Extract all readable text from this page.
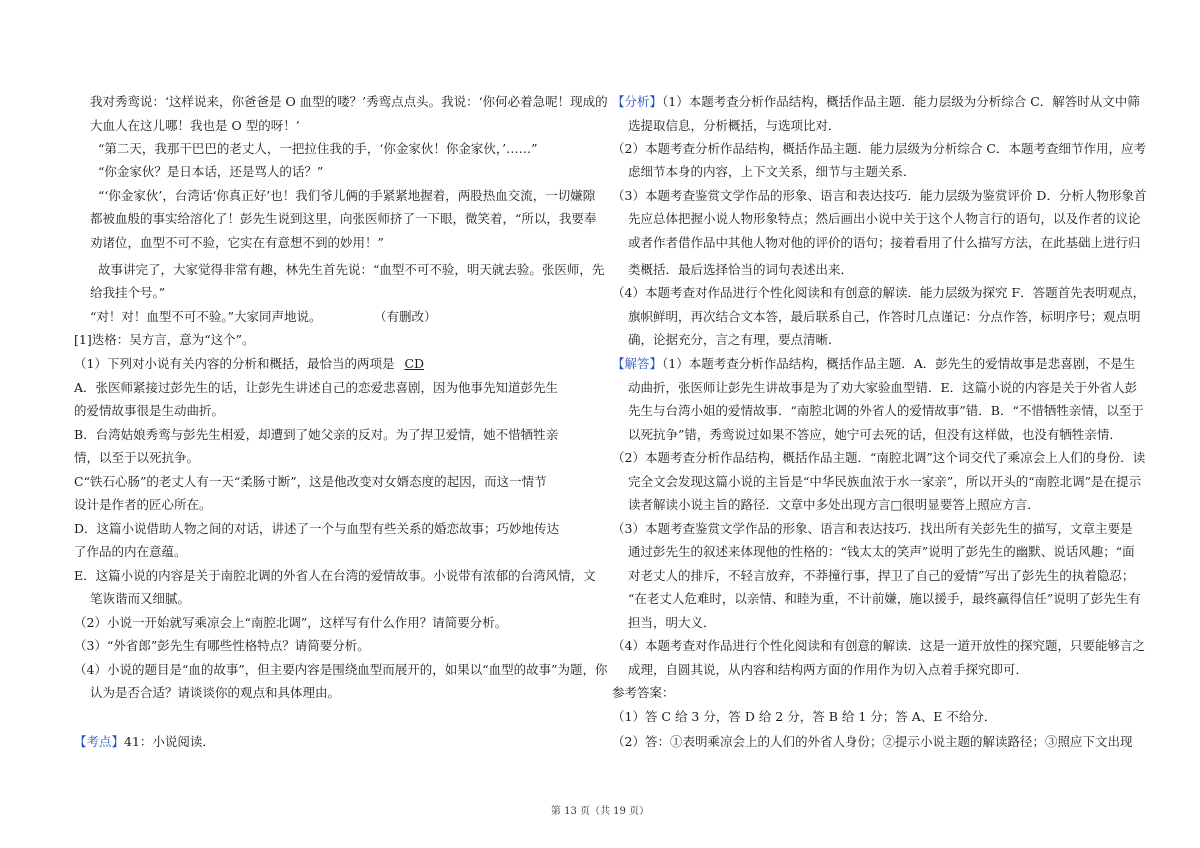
我对秀鸾说：‘这样说来，你爸爸是 O 血型的喽？’秀鸾点点头。我说：‘你何必着急呢！现成的
大血人在这儿哪！我也是 O 型的呀！’
“第二天，我那干巴巴的老丈人，一把拉住我的手，‘你金家伙！你金家伙，’……”
“你金家伙？是日本话，还是骂人的话？”
“‘你金家伙’，台湾话‘你真正好’也！我们爷儿俩的手紧紧地握着，两股热血交流，一切嫌隙
都被血般的事实给溶化了！彭先生说到这里，向张医师挤了一下眼，微笑着，“所以，我要奉
劝诸位，血型不可不验，它实在有意想不到的妙用！”
故事讲完了，大家觉得非常有趣，林先生首先说：“血型不可不验，明天就去验。张医师，先
给我挂个号。”
“对！对！血型不可不验。”大家同声地说。	（有删改）
[1]迭格：吴方言，意为“这个”。
（1）下列对小说有关内容的分析和概括，最恰当的两项是 CD
A．张医师紧接过彭先生的话，让彭先生讲述自己的恋爱悲喜剧，因为他事先知道彭先生
的爱情故事很是生动曲折。
B．台湾姑娘秀鸾与彭先生相爱，却遭到了她父亲的反对。为了捍卫爱情，她不惜牺牲亲
情，以至于以死抗争。
C“铁石心肠”的老丈人有一天“柔肠寸断”，这是他改变对女婿态度的起因，而这一情节
设计是作者的匠心所在。
D．这篇小说借助人物之间的对话，讲述了一个与血型有些关系的婚恋故事；巧妙地传达
了作品的内在意蕴。
E．这篇小说的内容是关于南腔北调的外省人在台湾的爱情故事。小说带有浓郁的台湾风情，文
笔诙谐而又细腻。
（2）小说一开始就写乘凉会上“南腔北调”，这样写有什么作用？请简要分析。
（3）“外省郎”彭先生有哪些性格特点？请简要分析。
（4）小说的题目是“血的故事”，但主要内容是围绕血型而展开的，如果以“血型的故事”为题，你
认为是否合适？请谈谈你的观点和具体理由。
【考点】41：小说阅读．
【分析】（1）本题考查分析作品结构，概括作品主题．能力层级为分析综合 C．解答时从文中筛
选提取信息，分析概括，与选项比对．
（2）本题考查分析作品结构，概括作品主题．能力层级为分析综合 C．本题考查细节作用，应考
虑细节本身的内容，上下文关系，细节与主题关系．
（3）本题考查鉴赏文学作品的形象、语言和表达技巧．能力层级为鉴赏评价 D．分析人物形象首
先应总体把握小说人物形象特点；然后画出小说中关于这个人物言行的语句，以及作者的议论
或者作者借作品中其他人物对他的评价的语句；接着看用了什么描写方法，在此基础上进行归
类概括．最后选择恰当的词句表述出来．
（4）本题考查对作品进行个性化阅读和有创意的解读．能力层级为探究 F．答题首先表明观点，
旗帜鲜明，再次结合文本答，最后联系自己，作答时几点谨记：分点作答，标明序号；观点明
确，论据充分，言之有理，要点清晰．
【解答】（1）本题考查分析作品结构，概括作品主题．A．彭先生的爱情故事是悲喜剧，不是生
动曲折，张医师让彭先生讲故事是为了劝大家验血型错．E．这篇小说的内容是关于外省人彭
先生与台湾小姐的爱情故事．“南腔北调的外省人的爱情故事”错．B．“不惜牺牲亲情，以至于
以死抗争”错，秀鸾说过如果不答应，她宁可去死的话，但没有这样做，也没有牺牲亲情．
（2）本题考查分析作品结构，概括作品主题．“南腔北调”这个词交代了乘凉会上人们的身份．读
完全文会发现这篇小说的主旨是“中华民族血浓于水一家亲”，所以开头的“南腔北调”是在提示
读者解读小说主旨的路径．文章中多处出现方言□很明显要答上照应方言．
（3）本题考查鉴赏文学作品的形象、语言和表达技巧．找出所有关彭先生的描写，文章主要是
通过彭先生的叙述来体现他的性格的：“钱太太的笑声”说明了彭先生的幽默、说话风趣；“面
对老丈人的排斥，不轻言放弃，不莽撞行事，捍卫了自己的爱情”写出了彭先生的执着隐忍；
“在老丈人危难时，以亲情、和睦为重，不计前嫌，施以援手，最终赢得信任”说明了彭先生有
担当，明大义．
（4）本题考查对作品进行个性化阅读和有创意的解读．这是一道开放性的探究题，只要能够言之
成理，自圆其说，从内容和结构两方面的作用作为切入点着手探究即可．
参考答案：
（1）答 C 给 3 分，答 D 给 2 分，答 B 给 1 分；答 A、E 不给分．
（2）答：①表明乘凉会上的人们的外省人身份；②提示小说主题的解读路径；③照应下文出现
第 13 页（共 19 页）
